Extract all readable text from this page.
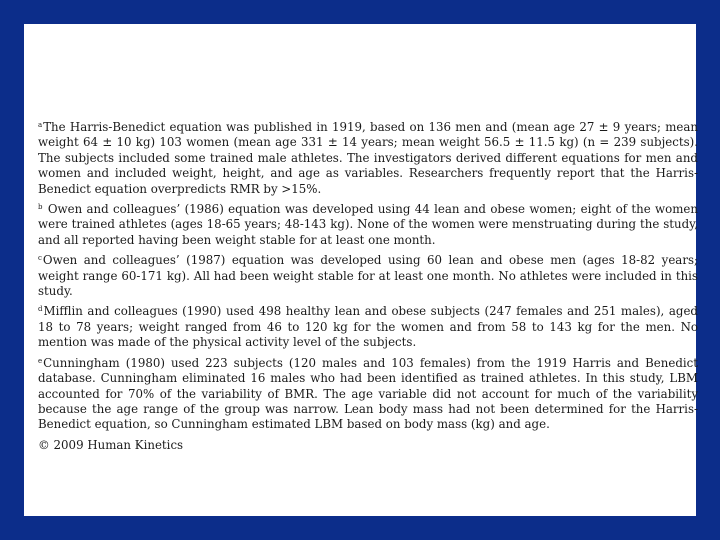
$^a$The Harris-Benedict equation was published in 1919, based on 136 men and (mean age 27 ± 9 years; mean weight 64 ± 10 kg) 103 women (mean age 331 ± 14 years; mean weight 56.5 ± 11.5 kg) (n = 239 subjects). The subjects included some trained male athletes. The investigators derived different equations for men and women and included weight, height, and age as variables. Researchers frequently report that the Harris-Benedict equation overpredicts RMR by >15%.

$^b$ Owen and colleagues’ (1986) equation was developed using 44 lean and obese women; eight of the women were trained athletes (ages 18-65 years; 48-143 kg). None of the women were menstruating during the study, and all reported having been weight stable for at least one month.

$^c$Owen and colleagues’ (1987) equation was developed using 60 lean and obese men (ages 18-82 years; weight range 60-171 kg). All had been weight stable for at least one month. No athletes were included in this study.

$^d$Mifflin and colleagues (1990) used 498 healthy lean and obese subjects (247 females and 251 males), aged 18 to 78 years; weight ranged from 46 to 120 kg for the women and from 58 to 143 kg for the men. No mention was made of the physical activity level of the subjects.

$^e$Cunningham (1980) used 223 subjects (120 males and 103 females) from the 1919 Harris and Benedict database. Cunningham eliminated 16 males who had been identified as trained athletes. In this study, LBM accounted for 70% of the variability of BMR. The age variable did not account for much of the variability because the age range of the group was narrow. Lean body mass had not been determined for the Harris-Benedict equation, so Cunningham estimated LBM based on body mass (kg) and age.

© 2009 Human Kinetics
